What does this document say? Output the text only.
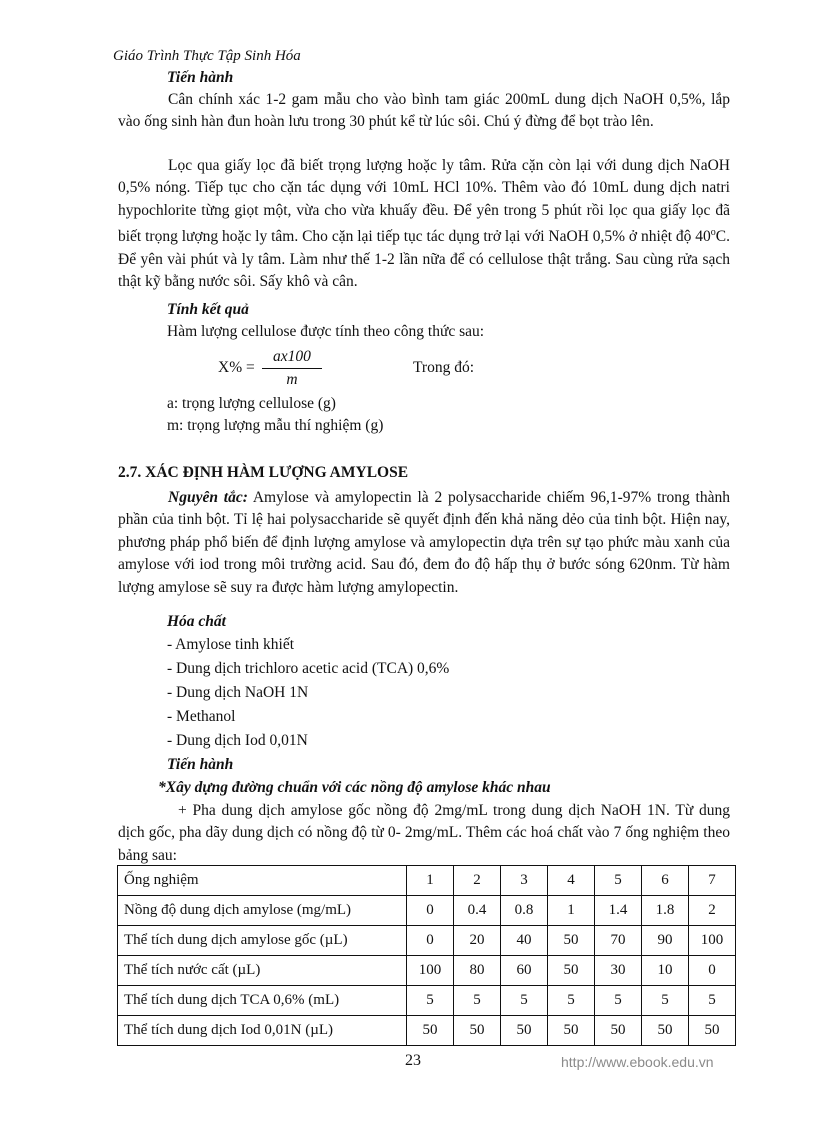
Giáo Trình Thực Tập Sinh Hóa
Tiến hành
Cân chính xác 1-2 gam mẫu cho vào bình tam giác 200mL dung dịch NaOH 0,5%, lắp vào ống sinh hàn đun hoàn lưu trong 30 phút kể từ lúc sôi. Chú ý đừng để bọt trào lên.
Lọc qua giấy lọc đã biết trọng lượng hoặc ly tâm. Rửa cặn còn lại với dung dịch NaOH 0,5% nóng. Tiếp tục cho cặn tác dụng với 10mL HCl 10%. Thêm vào đó 10mL dung dịch natri hypochlorite từng giọt một, vừa cho vừa khuấy đều. Để yên trong 5 phút rồi lọc qua giấy lọc đã biết trọng lượng hoặc ly tâm. Cho cặn lại tiếp tục tác dụng trở lại với NaOH 0,5% ở nhiệt độ 40$^o$C. Để yên vài phút và ly tâm. Làm như thế 1-2 lần nữa để có cellulose thật trắng. Sau cùng rửa sạch thật kỹ bằng nước sôi. Sấy khô và cân.
Tính kết quả
Hàm lượng cellulose được tính theo công thức sau:
$X\% = \frac{ax100}{m}$	Trong đó:
a: trọng lượng cellulose (g)
m: trọng lượng mẫu thí nghiệm (g)
2.7. XÁC ĐỊNH HÀM LƯỢNG AMYLOSE
Nguyên tắc: Amylose và amylopectin là 2 polysaccharide chiếm 96,1-97% trong thành phần của tinh bột. Tỉ lệ hai polysaccharide sẽ quyết định đến khả năng dẻo của tinh bột. Hiện nay, phương pháp phổ biến để định lượng amylose và amylopectin dựa trên sự tạo phức màu xanh của amylose với iod trong môi trường acid. Sau đó, đem đo độ hấp thụ ở bước sóng 620nm. Từ hàm lượng amylose sẽ suy ra được hàm lượng amylopectin.
Hóa chất
- Amylose tinh khiết
- Dung dịch trichloro acetic acid (TCA) 0,6%
- Dung dịch NaOH 1N
- Methanol
- Dung dịch Iod 0,01N
Tiến hành
*Xây dựng đường chuẩn với các nồng độ amylose khác nhau
+ Pha dung dịch amylose gốc nồng độ 2mg/mL trong dung dịch NaOH 1N. Từ dung dịch gốc, pha dãy dung dịch có nồng độ từ 0- 2mg/mL. Thêm các hoá chất vào 7 ống nghiệm theo bảng sau:
Ống nghiệm	1	2	3	4	5	6	7
Nồng độ dung dịch amylose (mg/mL)	0	0.4	0.8	1	1.4	1.8	2
Thể tích dung dịch amylose gốc (µL)	0	20	40	50	70	90	100
Thể tích nước cất (µL)	100	80	60	50	30	10	0
Thể tích dung dịch TCA 0,6% (mL)	5	5	5	5	5	5	5
Thể tích dung dịch Iod 0,01N (µL)	50	50	50	50	50	50	50
23	http://www.ebook.edu.vn
